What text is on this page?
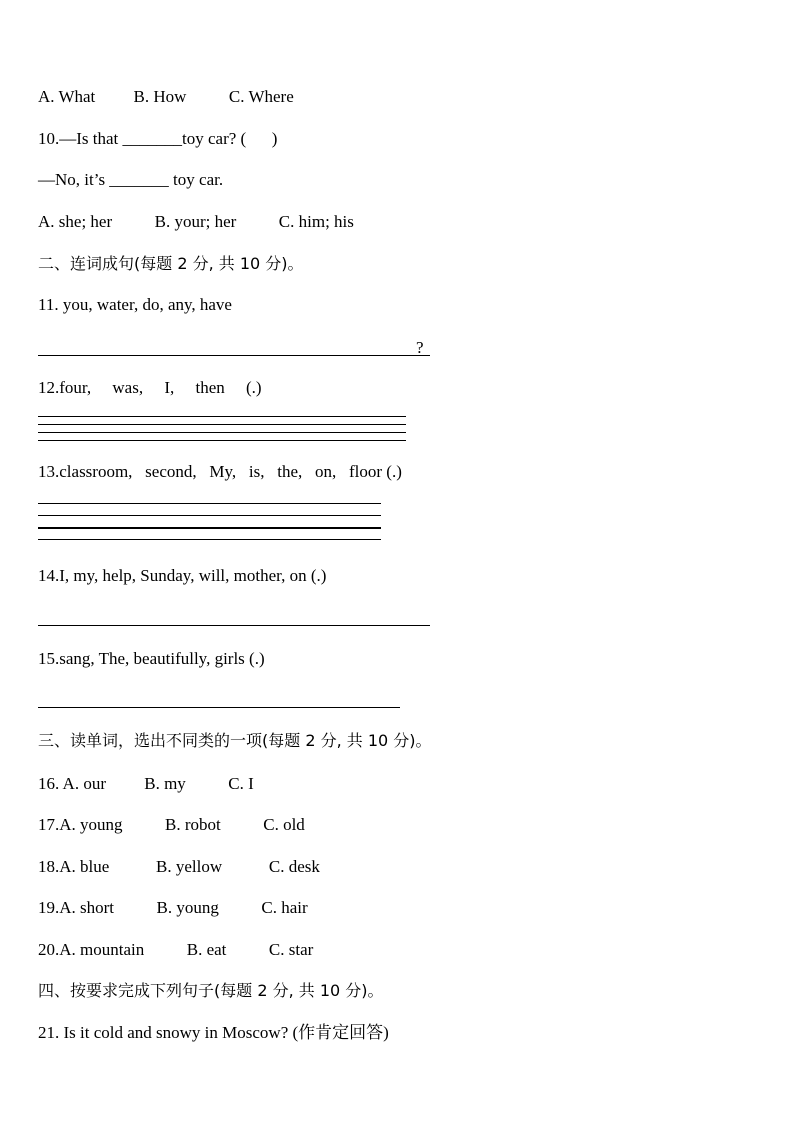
A. What         B. How          C. Where
10.—Is that _______toy car? (      )
—No, it’s _______ toy car.
A. she; her          B. your; her          C. him; his
二、连词成句(每题 2 分, 共 10 分)。
11. you, water, do, any, have
?
12.four,     was,     I,     then     (.)
13.classroom,   second,   My,   is,   the,   on,   floor (.)
14.I, my, help, Sunday, will, mother, on (.)
15.sang, The, beautifully, girls (.)
三、读单词，选出不同类的一项(每题 2 分, 共 10 分)。
16. A. our         B. my          C. I
17.A. young          B. robot          C. old
18.A. blue           B. yellow           C. desk
19.A. short          B. young          C. hair
20.A. mountain          B. eat          C. star
四、按要求完成下列句子(每题 2 分, 共 10 分)。
21. Is it cold and snowy in Moscow? (作肯定回答)
